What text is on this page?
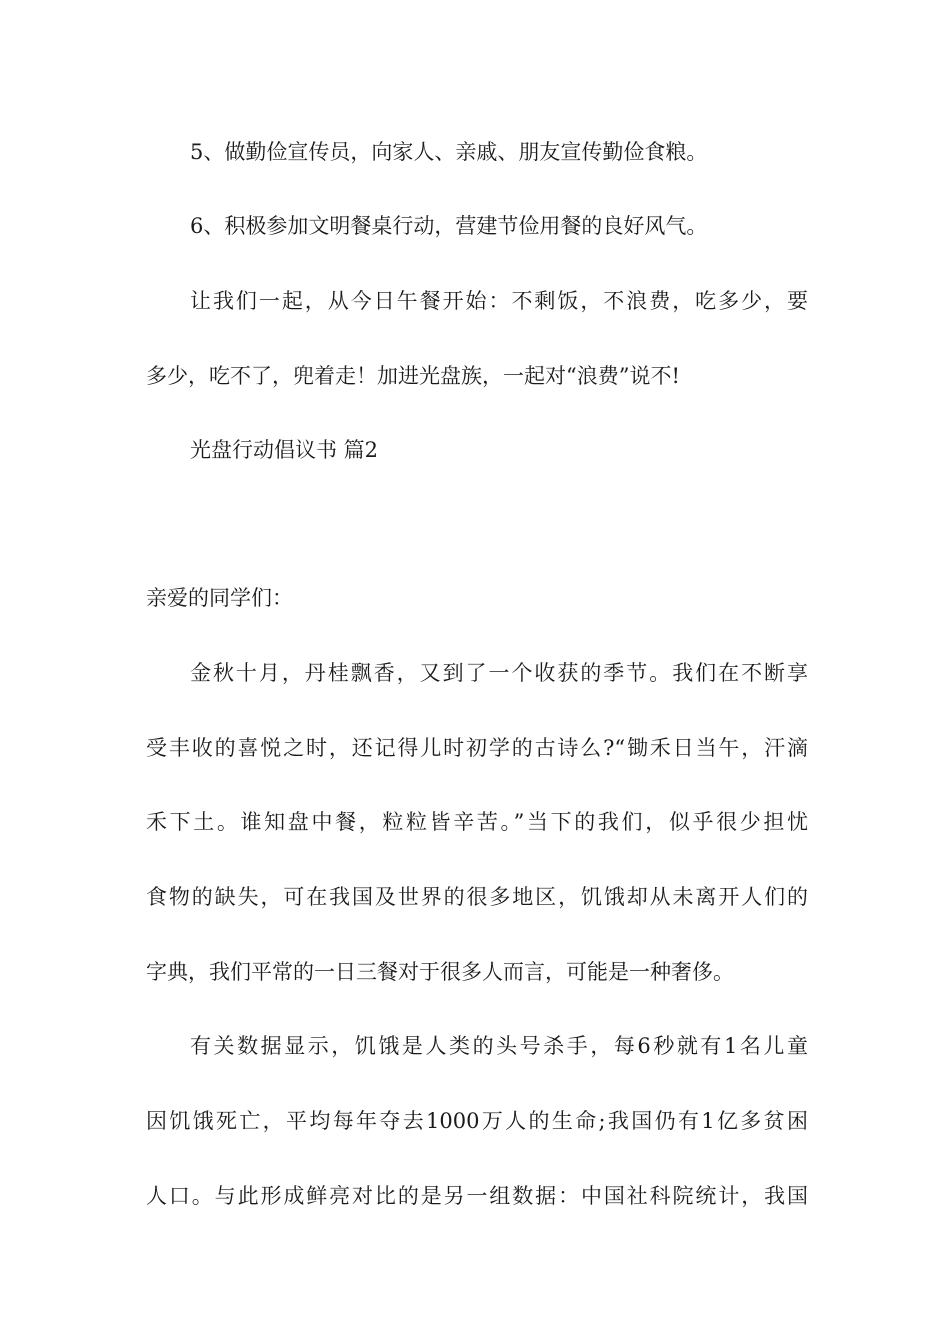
5、做勤俭宣传员，向家人、亲戚、朋友宣传勤俭食粮。
6、积极参加文明餐桌行动，营建节俭用餐的良好风气。
让我们一起，从今日午餐开始：不剩饭，不浪费，吃多少，要
多少，吃不了，兜着走！加进光盘族，一起对“浪费”说不!
光盘行动倡议书 篇2
亲爱的同学们：
金秋十月，丹桂飘香，又到了一个收获的季节。我们在不断享
受丰收的喜悦之时，还记得儿时初学的古诗么?“锄禾日当午，汗滴
禾下土。谁知盘中餐，粒粒皆辛苦。”当下的我们，似乎很少担忧
食物的缺失，可在我国及世界的很多地区，饥饿却从未离开人们的
字典，我们平常的一日三餐对于很多人而言，可能是一种奢侈。
有关数据显示，饥饿是人类的头号杀手，每6秒就有1名儿童
因饥饿死亡，平均每年夺去1000万人的生命;我国仍有1亿多贫困
人口。与此形成鲜亮对比的是另一组数据：中国社科院统计，我国
